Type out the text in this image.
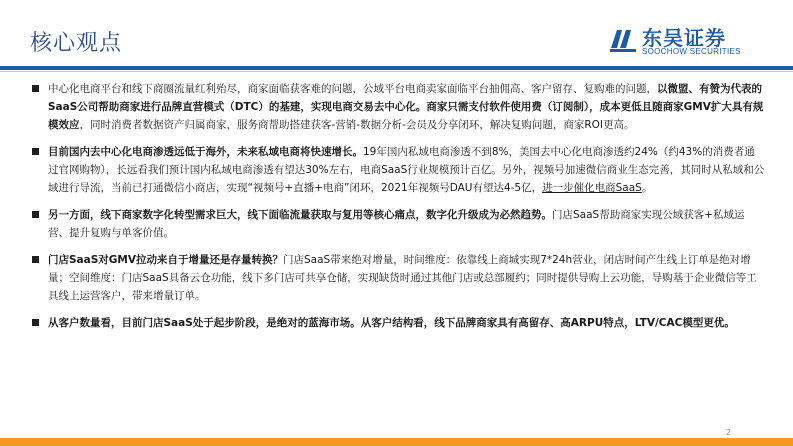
核心观点	东吴证券
SOOCHOW SECURITIES
中心化电商平台和线下商圈流量红利殆尽，商家面临获客难的问题，公域平台电商卖家面临平台抽佣高、客户留存、复购难的问题，以微盟、有赞为代表的SaaS公司帮助商家进行品牌直营模式（DTC）的基建，实现电商交易去中心化。商家只需支付软件使用费（订阅制），成本更低且随商家GMV扩大具有规模效应，同时消费者数据资产归属商家，服务商帮助搭建获客-营销-数据分析-会员及分享闭环，解决复购问题，商家ROI更高。
目前国内去中心化电商渗透远低于海外，未来私域电商将快速增长。19年国内私域电商渗透不到8%，美国去中心化电商渗透约24%（约43%的消费者通过官网购物），长远看我们预计国内私域电商渗透有望达30%左右，电商SaaS行业规模预计百亿。另外，视频号加速微信商业生态完善，其同时从私域和公域进行导流，当前已打通微信小商店，实现“视频号+直播+电商”闭环，2021年视频号DAU有望达4-5亿，进一步催化电商SaaS。
另一方面，线下商家数字化转型需求巨大，线下面临流量获取与复用等核心痛点，数字化升级成为必然趋势。门店SaaS帮助商家实现公域获客+私域运营、提升复购与单客价值。
门店SaaS对GMV拉动来自于增量还是存量转换？门店SaaS带来绝对增量，时间维度：依靠线上商城实现7*24h营业，闭店时间产生线上订单是绝对增量；空间维度：门店SaaS具备云仓功能，线下多门店可共享仓储，实现缺货时通过其他门店或总部履约；同时提供导购上云功能，导购基于企业微信等工具线上运营客户，带来增量订单。
从客户数量看，目前门店SaaS处于起步阶段，是绝对的蓝海市场。从客户结构看，线下品牌商家具有高留存、高ARPU特点，LTV/CAC模型更优。
2
